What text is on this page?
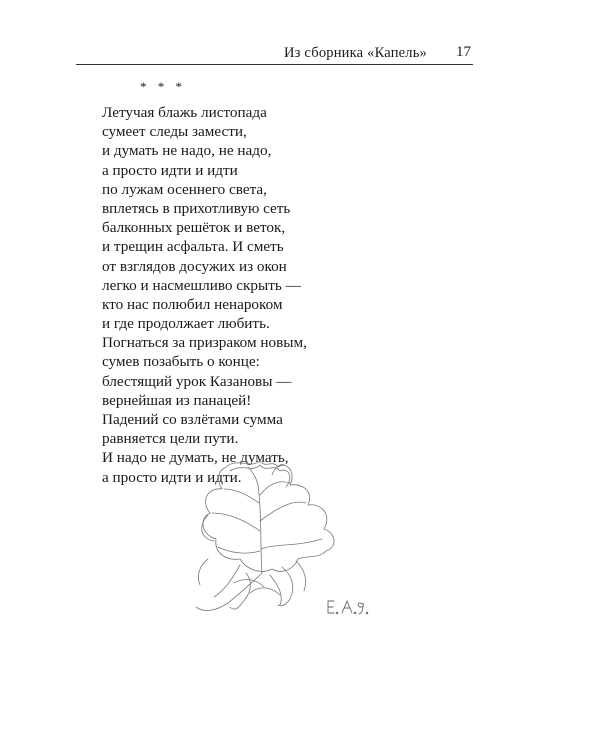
Из сборника «Капель» 17
* * *
Летучая блажь листопада
сумеет следы замести,
и думать не надо, не надо,
а просто идти и идти
по лужам осеннего света,
вплетясь в прихотливую сеть
балконных решёток и веток,
и трещин асфальта. И сметь
от взглядов досужих из окон
легко и насмешливо скрыть —
кто нас полюбил ненароком
и где продолжает любить.
Погнаться за призраком новым,
сумев позабыть о конце:
блестящий урок Казановы —
вернейшая из панацей!
Падений со взлётами сумма
равняется цели пути.
И надо не думать, не думать,
а просто идти и идти.
